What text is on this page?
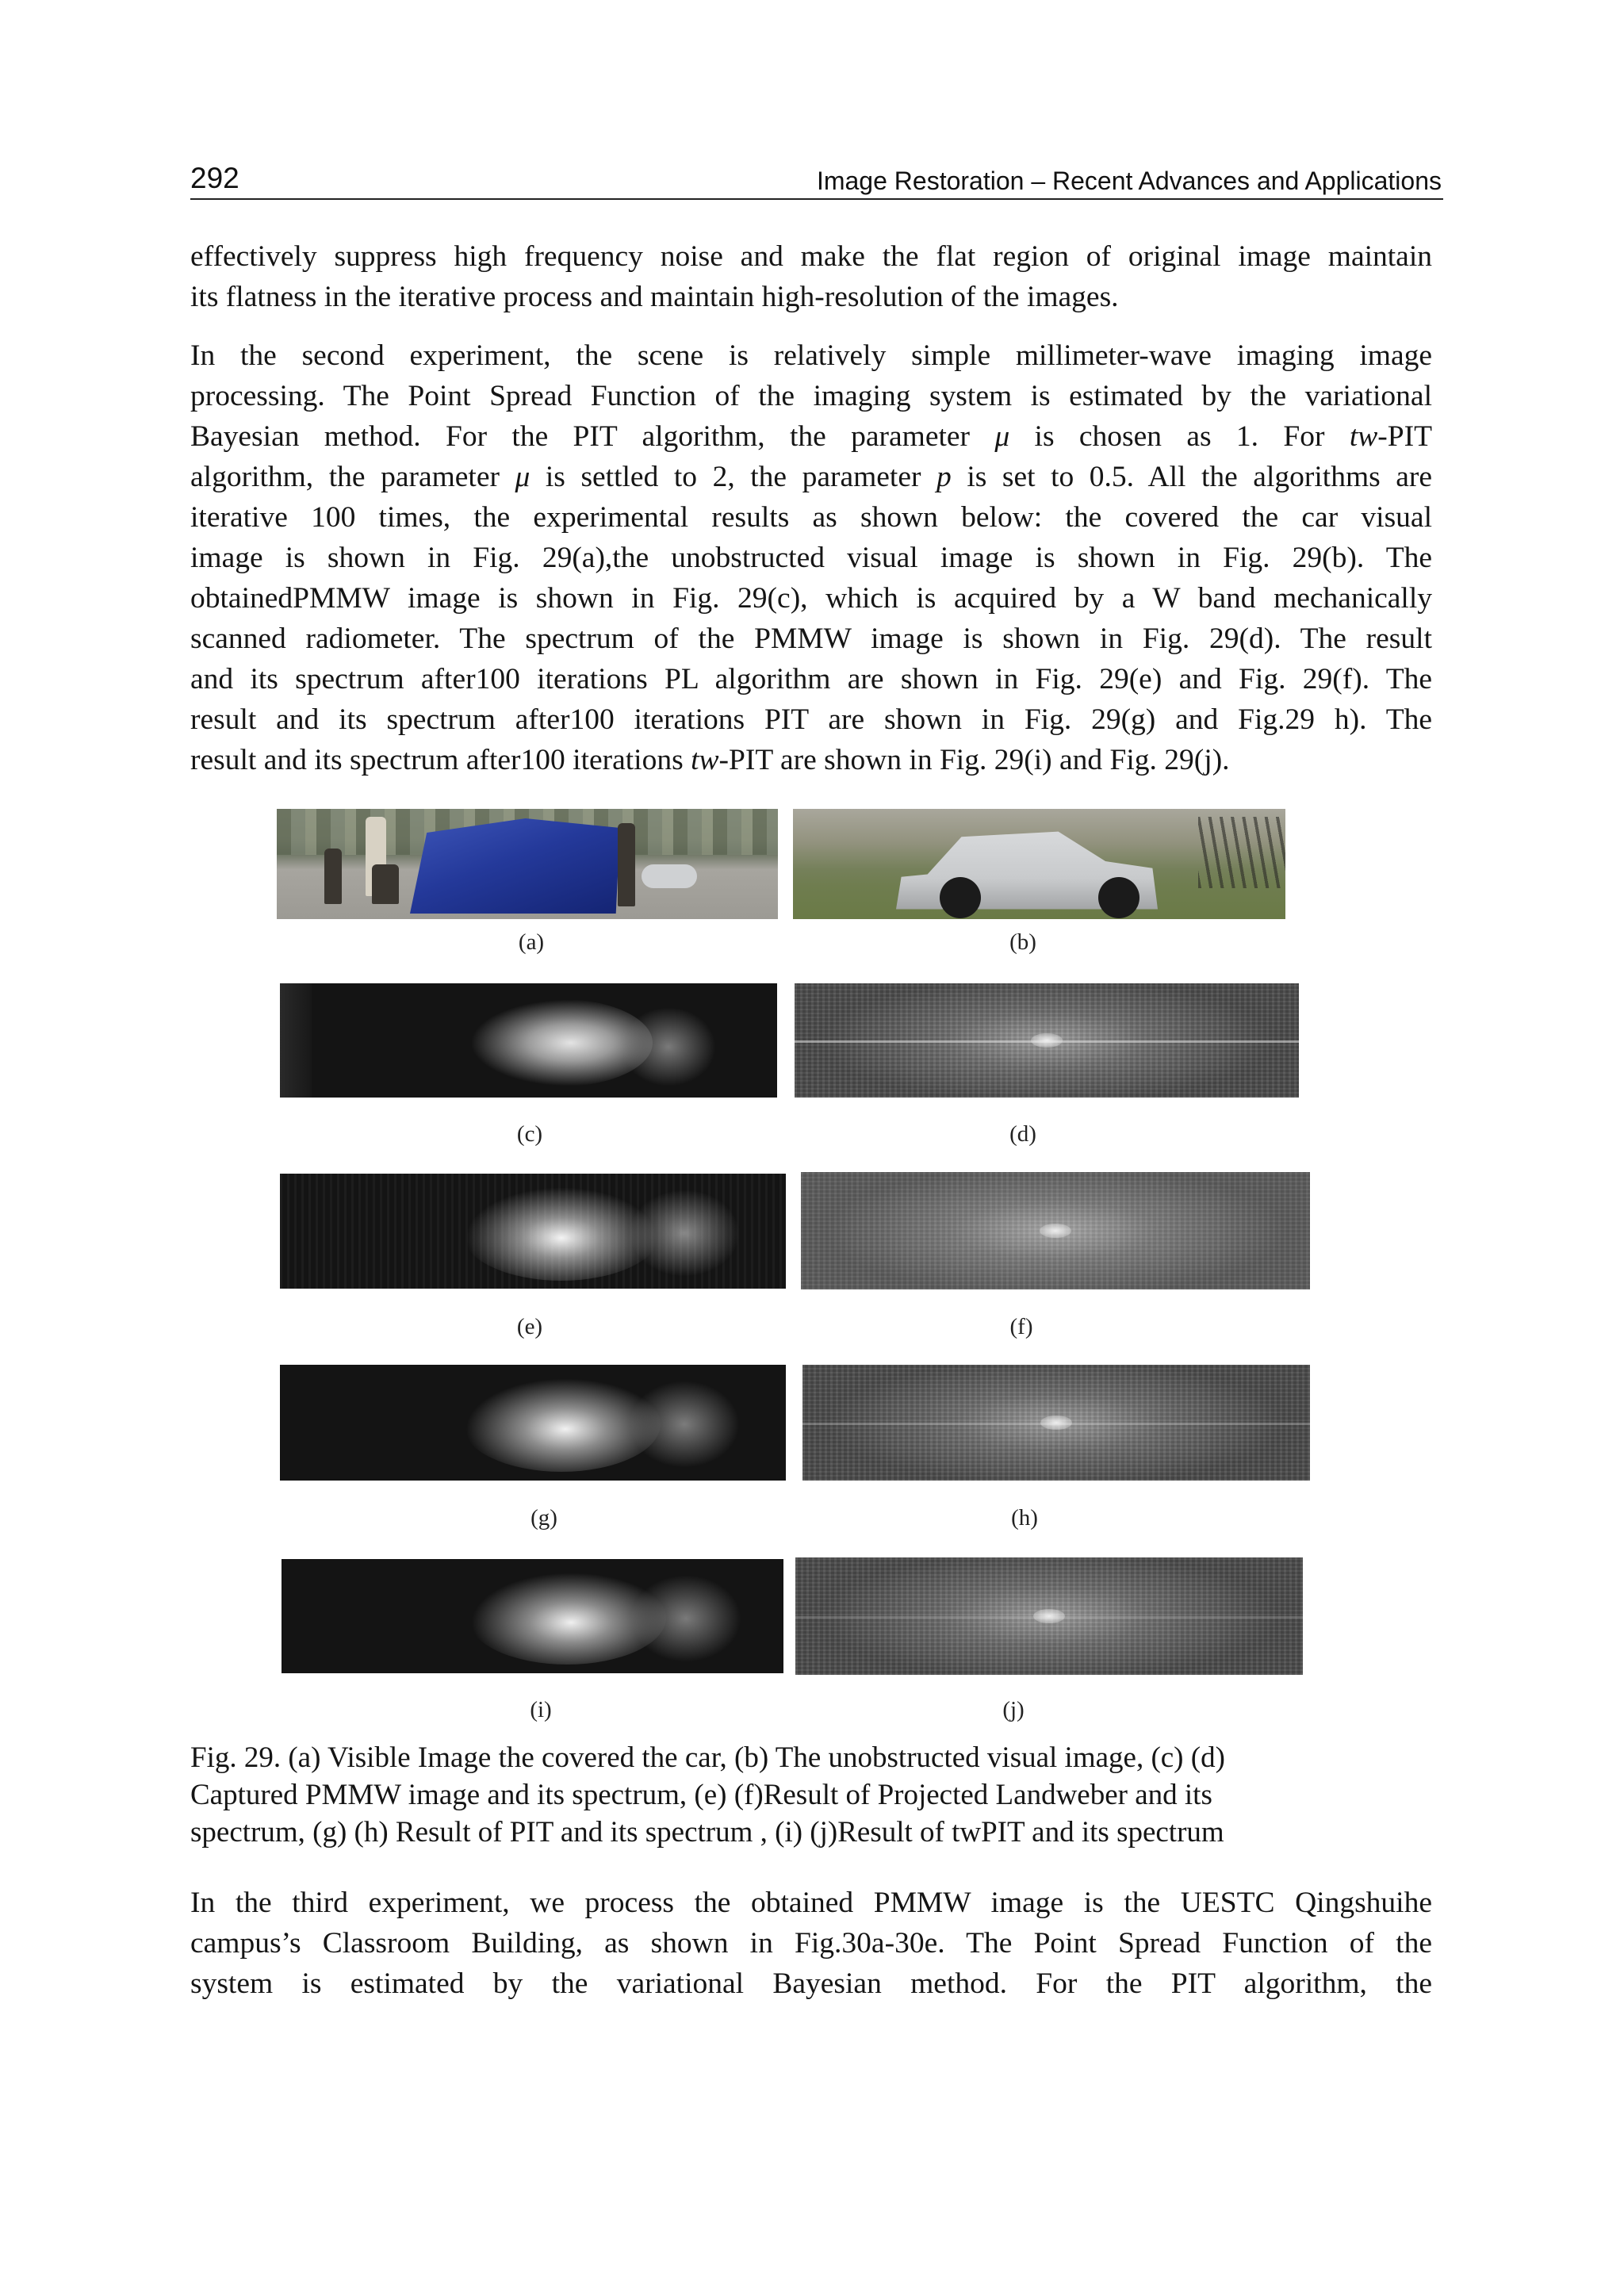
292	Image Restoration – Recent Advances and Applications
effectively suppress high frequency noise and make the flat region of original image maintain
its flatness in the iterative process and maintain high-resolution of the images.
In the second experiment, the scene is relatively simple millimeter-wave imaging image
processing. The Point Spread Function of the imaging system is estimated by the variational
Bayesian method. For the PIT algorithm, the parameter μ is chosen as 1. For tw-PIT
algorithm, the parameter μ is settled to 2, the parameter p is set to 0.5. All the algorithms are
iterative 100 times, the experimental results as shown below: the covered the car visual
image is shown in Fig. 29(a),the unobstructed visual image is shown in Fig. 29(b). The
obtainedPMMW image is shown in Fig. 29(c), which is acquired by a W band mechanically
scanned radiometer. The spectrum of the PMMW image is shown in Fig. 29(d). The result
and its spectrum after100 iterations PL algorithm are shown in Fig. 29(e) and Fig. 29(f). The
result and its spectrum after100 iterations PIT are shown in Fig. 29(g) and Fig.29 h). The
result and its spectrum after100 iterations tw-PIT are shown in Fig. 29(i) and Fig. 29(j).
(a)	(b)
(c)	(d)
(e)	(f)
(g)	(h)
(i)	(j)
Fig. 29. (a) Visible Image the covered the car, (b) The unobstructed visual image, (c) (d)
Captured PMMW image and its spectrum, (e) (f)Result of Projected Landweber and its
spectrum, (g) (h) Result of PIT and its spectrum , (i) (j)Result of twPIT and its spectrum
In the third experiment, we process the obtained PMMW image is the UESTC Qingshuihe
campus’s Classroom Building, as shown in Fig.30a-30e. The Point Spread Function of the
system is estimated by the variational Bayesian method. For the PIT algorithm, the
